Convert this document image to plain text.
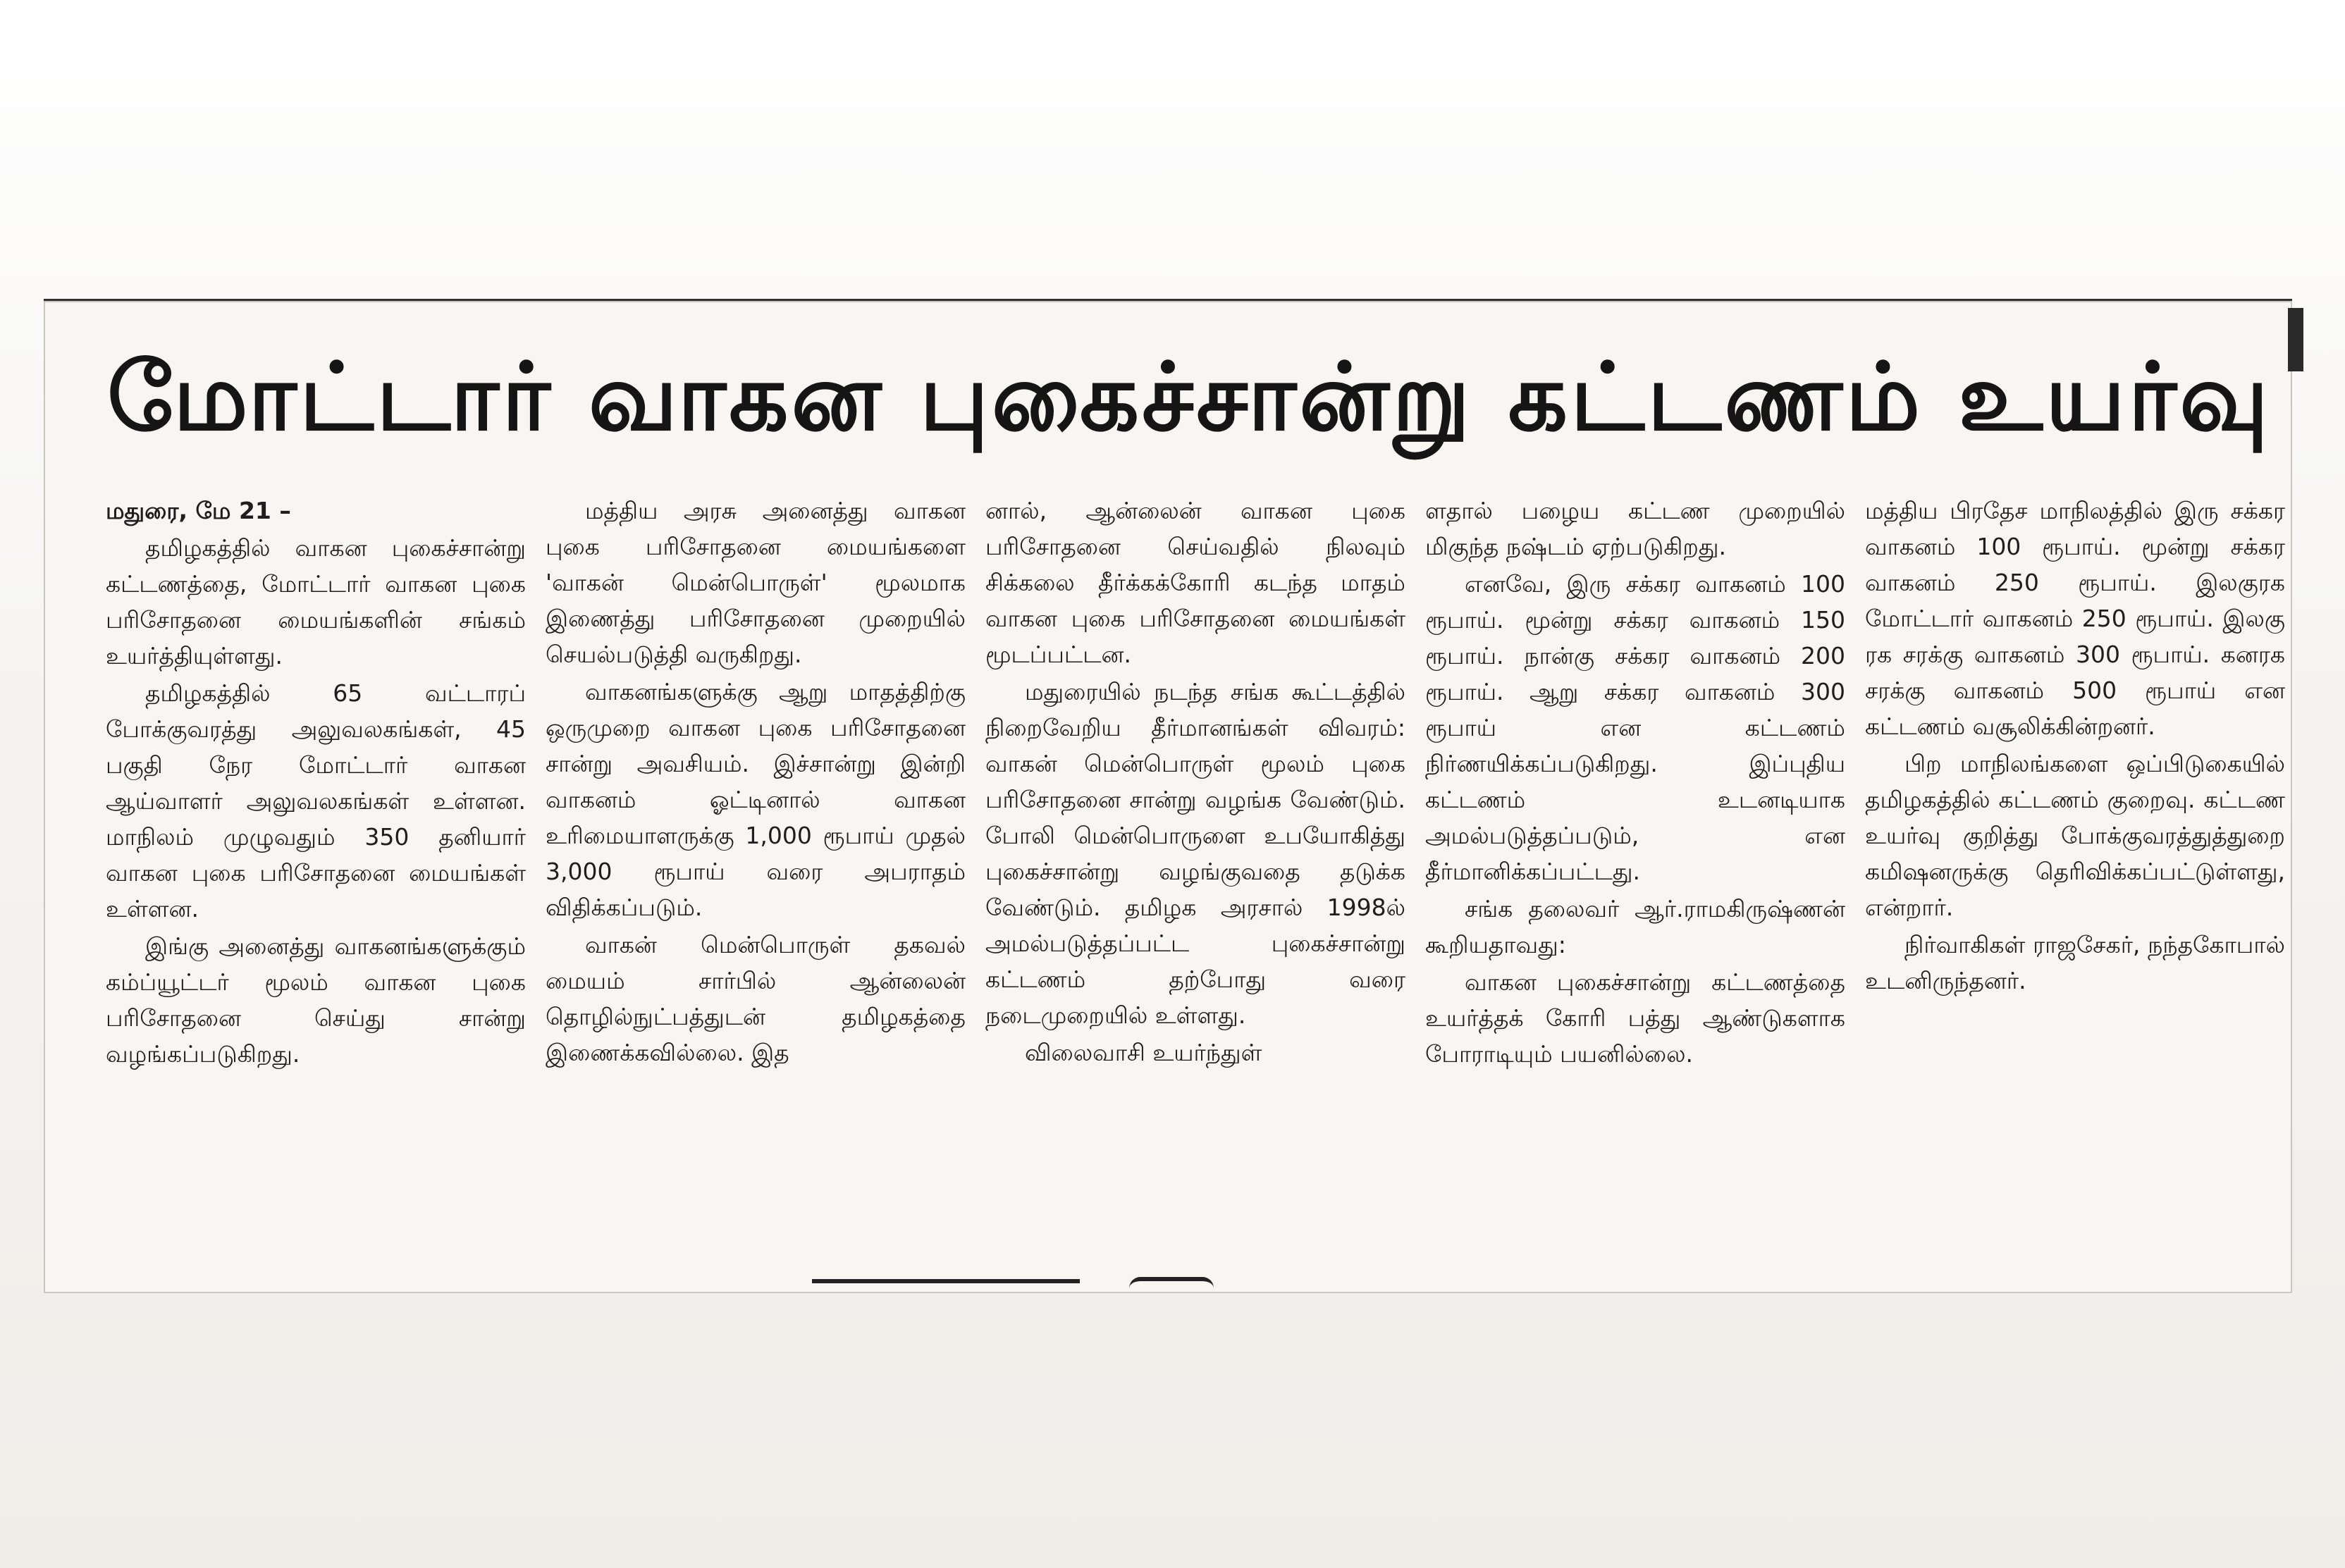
மோட்டார் வாகன புகைச்சான்று கட்டணம் உயர்வு

மதுரை, மே 21 –

தமிழகத்தில் வாகன புகைச்சான்று கட்டணத்தை, மோட்டார் வாகன புகை பரிசோதனை மையங்களின் சங்கம் உயர்த்தியுள்ளது.

தமிழகத்தில் 65 வட்டாரப் போக்குவரத்து அலுவலகங்கள், 45 பகுதி நேர மோட்டார் வாகன ஆய்வாளர் அலுவலகங்கள் உள்ளன. மாநிலம் முழுவதும் 350 தனியார் வாகன புகை பரிசோதனை மையங்கள் உள்ளன.

இங்கு அனைத்து வாகனங்களுக்கும் கம்ப்யூட்டர் மூலம் வாகன புகை பரிசோதனை செய்து சான்று வழங்கப்படுகிறது.

மத்திய அரசு அனைத்து வாகன புகை பரிசோதனை மையங்களை 'வாகன் மென்பொருள்' மூலமாக இணைத்து பரிசோதனை முறையில் செயல்படுத்தி வருகிறது.

வாகனங்களுக்கு ஆறு மாதத்திற்கு ஒருமுறை வாகன புகை பரிசோதனை சான்று அவசியம். இச்சான்று இன்றி வாகனம் ஓட்டினால் வாகன உரிமையாளருக்கு 1,000 ரூபாய் முதல் 3,000 ரூபாய் வரை அபராதம் விதிக்கப்படும்.

வாகன் மென்பொருள் தகவல் மையம் சார்பில் ஆன்லைன் தொழில்நுட்பத்துடன் தமிழகத்தை இணைக்கவில்லை. இத

னால், ஆன்லைன் வாகன புகை பரிசோதனை செய்வதில் நிலவும் சிக்கலை தீர்க்கக்கோரி கடந்த மாதம் வாகன புகை பரிசோதனை மையங்கள் மூடப்பட்டன.

மதுரையில் நடந்த சங்க கூட்டத்தில் நிறைவேறிய தீர்மானங்கள் விவரம்: வாகன் மென்பொருள் மூலம் புகை பரிசோதனை சான்று வழங்க வேண்டும். போலி மென்பொருளை உபயோகித்து புகைச்சான்று வழங்குவதை தடுக்க வேண்டும். தமிழக அரசால் 1998ல் அமல்படுத்தப்பட்ட புகைச்சான்று கட்டணம் தற்போது வரை நடைமுறையில் உள்ளது.

விலைவாசி உயர்ந்துள்

ளதால் பழைய கட்டண முறையில் மிகுந்த நஷ்டம் ஏற்படுகிறது.

எனவே, இரு சக்கர வாகனம் 100 ரூபாய். மூன்று சக்கர வாகனம் 150 ரூபாய். நான்கு சக்கர வாகனம் 200 ரூபாய். ஆறு சக்கர வாகனம் 300 ரூபாய் என கட்டணம் நிர்ணயிக்கப்படுகிறது. இப்புதிய கட்டணம் உடனடியாக அமல்படுத்தப்படும், என தீர்மானிக்கப்பட்டது.

சங்க தலைவர் ஆர்.ராமகிருஷ்ணன் கூறியதாவது:

வாகன புகைச்சான்று கட்டணத்தை உயர்த்தக் கோரி பத்து ஆண்டுகளாக போராடியும் பயனில்லை.

மத்திய பிரதேச மாநிலத்தில் இரு சக்கர வாகனம் 100 ரூபாய். மூன்று சக்கர வாகனம் 250 ரூபாய். இலகுரக மோட்டார் வாகனம் 250 ரூபாய். இலகு ரக சரக்கு வாகனம் 300 ரூபாய். கனரக சரக்கு வாகனம் 500 ரூபாய் என கட்டணம் வசூலிக்கின்றனர்.

பிற மாநிலங்களை ஒப்பிடுகையில் தமிழகத்தில் கட்டணம் குறைவு. கட்டண உயர்வு குறித்து போக்குவரத்துத்துறை கமிஷனருக்கு தெரிவிக்கப்பட்டுள்ளது, என்றார்.

நிர்வாகிகள் ராஜசேகர், நந்தகோபால் உடனிருந்தனர்.
